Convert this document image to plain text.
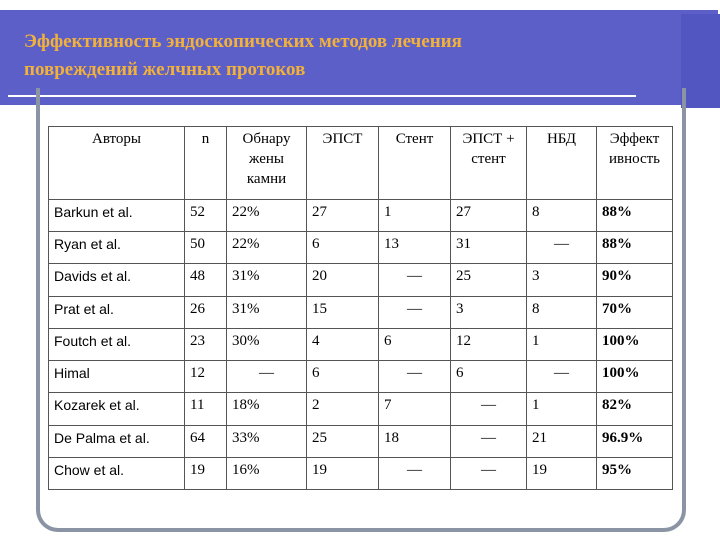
Эффективность эндоскопических методов лечения
повреждений желчных протоков
Авторы	n	Обнару жены камни	ЭПСТ	Стент	ЭПСТ + стент	НБД	Эффект ивность
Barkun et al.	52	22%	27	1	27	8	88%
Ryan et al.	50	22%	6	13	31	—	88%
Davids et al.	48	31%	20	—	25	3	90%
Prat et al.	26	31%	15	—	3	8	70%
Foutch et al.	23	30%	4	6	12	1	100%
Himal	12	—	6	—	6	—	100%
Kozarek et al.	11	18%	2	7	—	1	82%
De Palma et al.	64	33%	25	18	—	21	96.9%
Chow et al.	19	16%	19	—	—	19	95%
